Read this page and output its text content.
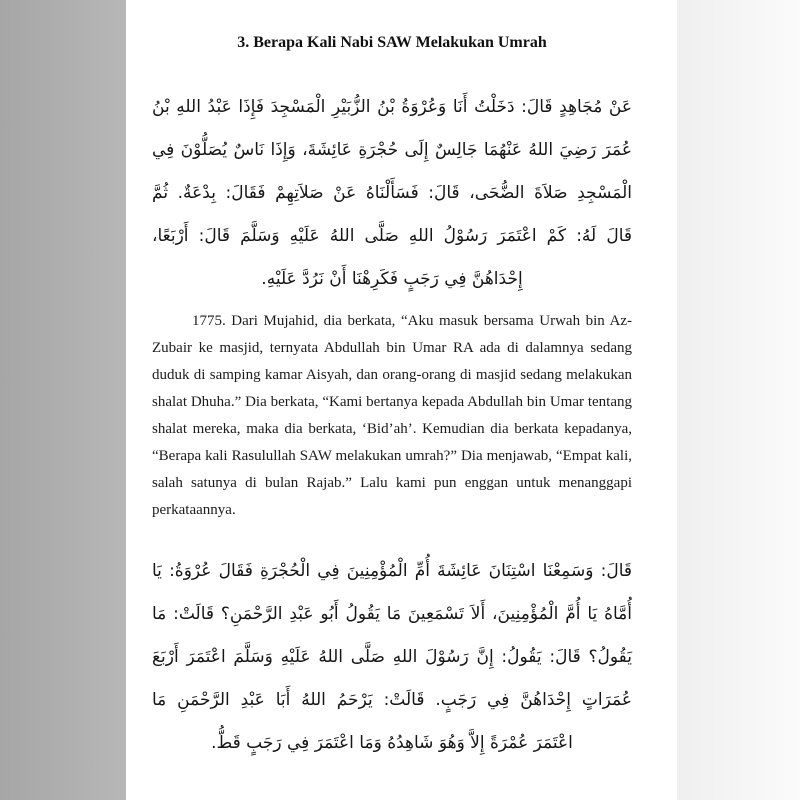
3. Berapa Kali Nabi SAW Melakukan Umrah
عَنْ مُجَاهِدٍ قَالَ: دَخَلْتُ أَنَا وَعُرْوَةُ بْنُ الزُّبَيْرِ الْمَسْجِدَ فَإِذَا عَبْدُ اللهِ بْنُ
عُمَرَ رَضِيَ اللهُ عَنْهُمَا جَالِسٌ إِلَى حُجْرَةِ عَائِشَةَ، وَإِذَا نَاسٌ يُصَلُّوْنَ فِي
الْمَسْجِدِ صَلاَةَ الضُّحَى، قَالَ: فَسَأَلْنَاهُ عَنْ صَلاَتِهِمْ فَقَالَ: بِدْعَةٌ. ثُمَّ
قَالَ لَهُ: كَمْ اعْتَمَرَ رَسُوْلُ اللهِ صَلَّى اللهُ عَلَيْهِ وَسَلَّمَ قَالَ: أَرْبَعًا،
إِحْدَاهُنَّ فِي رَجَبٍ فَكَرِهْنَا أَنْ نَرُدَّ عَلَيْهِ.

1775. Dari Mujahid, dia berkata, “Aku masuk bersama Urwah bin Az-Zubair ke masjid, ternyata Abdullah bin Umar RA ada di dalamnya sedang duduk di samping kamar Aisyah, dan orang-orang di masjid sedang melakukan shalat Dhuha.” Dia berkata, “Kami bertanya kepada Abdullah bin Umar tentang shalat mereka, maka dia berkata, ‘Bid’ah’. Kemudian dia berkata kepadanya, “Berapa kali Rasulullah SAW melakukan umrah?” Dia menjawab, “Empat kali, salah satunya di bulan Rajab.” Lalu kami pun enggan untuk menanggapi perkataannya.

قَالَ: وَسَمِعْنَا اسْتِنَانَ عَائِشَةَ أُمِّ الْمُؤْمِنِينَ فِي الْحُجْرَةِ فَقَالَ عُرْوَةُ: يَا
أُمَّاهُ يَا أُمَّ الْمُؤْمِنِينَ، أَلاَ تَسْمَعِينَ مَا يَقُولُ أَبُو عَبْدِ الرَّحْمَنِ؟ قَالَتْ: مَا
يَقُولُ؟ قَالَ: يَقُولُ: إِنَّ رَسُوْلَ اللهِ صَلَّى اللهُ عَلَيْهِ وَسَلَّمَ اعْتَمَرَ أَرْبَعَ
عُمَرَاتٍ إِحْدَاهُنَّ فِي رَجَبٍ. قَالَتْ: يَرْحَمُ اللهُ أَبَا عَبْدِ الرَّحْمَنِ مَا
اعْتَمَرَ عُمْرَةً إِلاَّ وَهُوَ شَاهِدُهُ وَمَا اعْتَمَرَ فِي رَجَبٍ قَطُّ.
